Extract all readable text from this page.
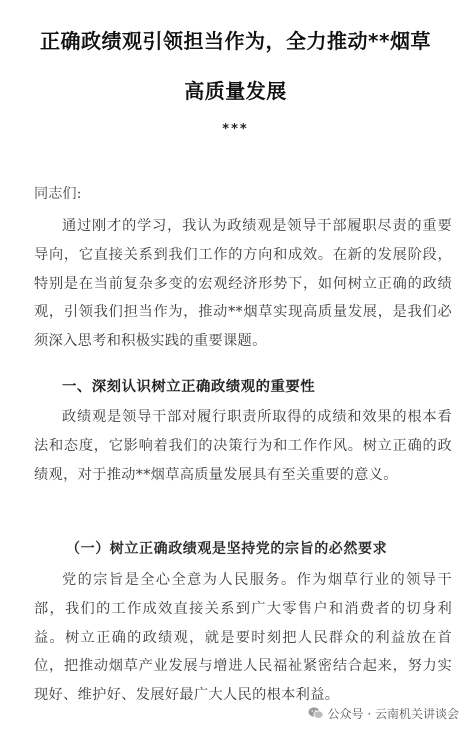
正确政绩观引领担当作为，全力推动**烟草
高质量发展
***
同志们:

通过刚才的学习，我认为政绩观是领导干部履职尽责的重要导向，它直接关系到我们工作的方向和成效。在新的发展阶段，特别是在当前复杂多变的宏观经济形势下，如何树立正确的政绩观，引领我们担当作为，推动**烟草实现高质量发展，是我们必须深入思考和积极实践的重要课题。

一、深刻认识树立正确政绩观的重要性

政绩观是领导干部对履行职责所取得的成绩和效果的根本看法和态度，它影响着我们的决策行为和工作作风。树立正确的政绩观，对于推动**烟草高质量发展具有至关重要的意义。

（一）树立正确政绩观是坚持党的宗旨的必然要求

党的宗旨是全心全意为人民服务。作为烟草行业的领导干部，我们的工作成效直接关系到广大零售户和消费者的切身利益。树立正确的政绩观，就是要时刻把人民群众的利益放在首位，把推动烟草产业发展与增进人民福祉紧密结合起来，努力实现好、维护好、发展好最广大人民的根本利益。

公众号 · 云南机关讲谈会
